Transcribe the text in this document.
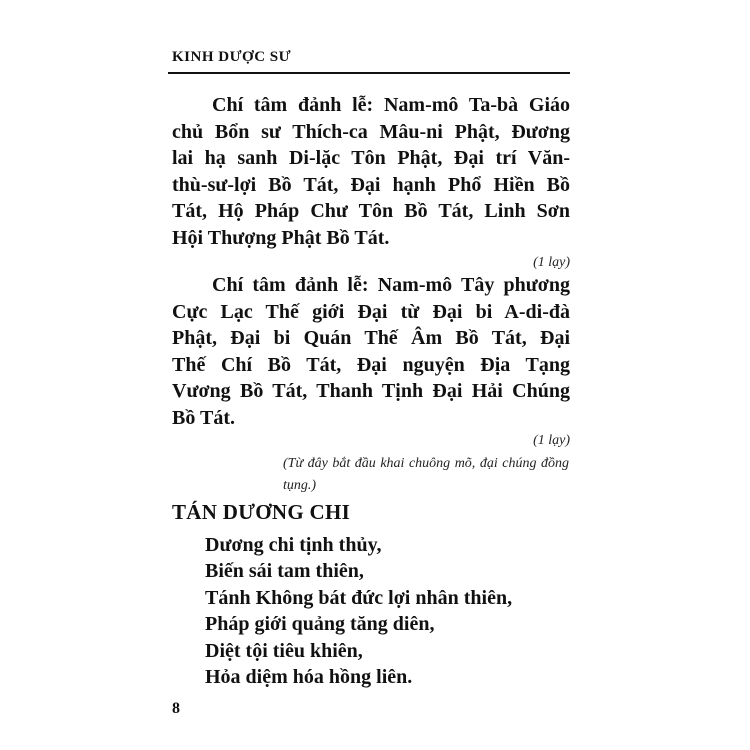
KINH DƯỢC SƯ
Chí tâm đảnh lễ: Nam-mô Ta-bà Giáo
chủ Bổn sư Thích-ca Mâu-ni Phật, Đương
lai hạ sanh Di-lặc Tôn Phật, Đại trí Văn-
thù-sư-lợi Bồ Tát, Đại hạnh Phổ Hiền Bồ
Tát, Hộ Pháp Chư Tôn Bồ Tát, Linh Sơn
Hội Thượng Phật Bồ Tát.
(1 lạy)
Chí tâm đảnh lễ: Nam-mô Tây phương
Cực Lạc Thế giới Đại từ Đại bi A-di-đà
Phật, Đại bi Quán Thế Âm Bồ Tát, Đại
Thế Chí Bồ Tát, Đại nguyện Địa Tạng
Vương Bồ Tát, Thanh Tịnh Đại Hải Chúng
Bồ Tát.
(1 lạy)
(Từ đây bắt đầu khai chuông mõ, đại chúng đồng tụng.)
TÁN DƯƠNG CHI
Dương chi tịnh thủy,
Biến sái tam thiên,
Tánh Không bát đức lợi nhân thiên,
Pháp giới quảng tăng diên,
Diệt tội tiêu khiên,
Hỏa diệm hóa hồng liên.
8
